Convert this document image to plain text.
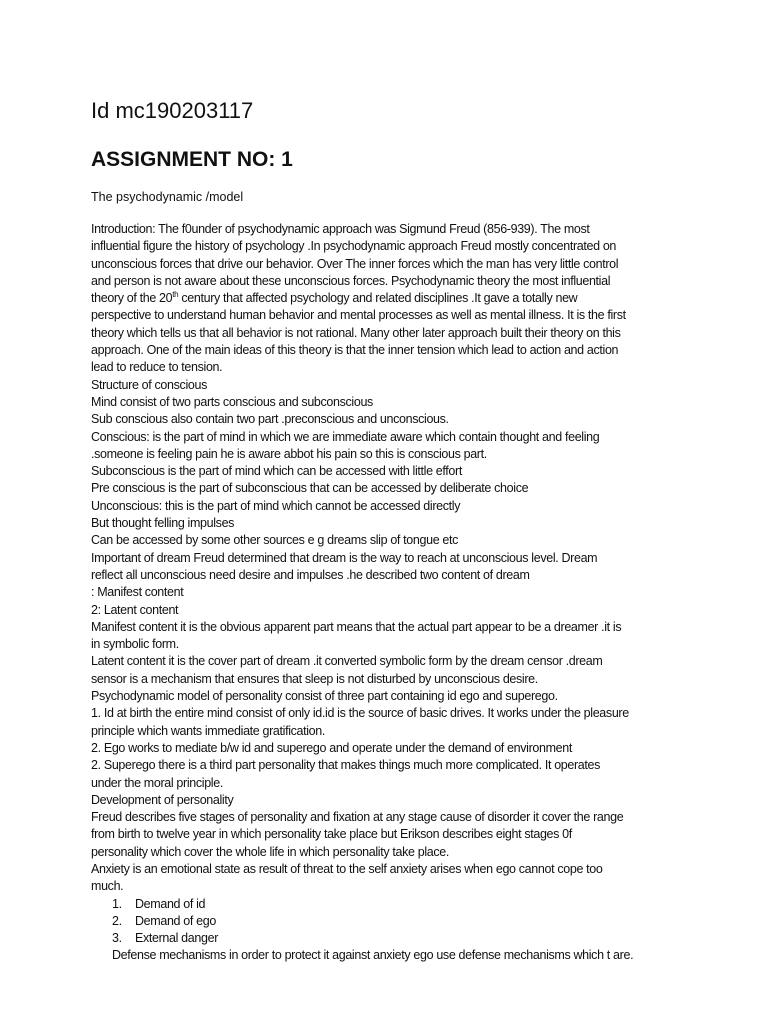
Id mc190203117
ASSIGNMENT NO: 1
The psychodynamic /model
Introduction: The f0under of psychodynamic approach was Sigmund Freud (856-939). The most
influential figure the history of psychology .In psychodynamic approach Freud mostly concentrated on
unconscious forces that drive our behavior. Over The inner forces which the man has very little control
and person is not aware about these unconscious forces. Psychodynamic theory the most influential
theory of the 20th century that affected psychology and related disciplines .It gave a totally new
perspective to understand human behavior and mental processes as well as mental illness. It is the first
theory which tells us that all behavior is not rational. Many other later approach built their theory on this
approach. One of the main ideas of this theory is that the inner tension which lead to action and action
lead to reduce to tension.
Structure of conscious
Mind consist of two parts conscious and subconscious
Sub conscious also contain two part .preconscious and unconscious.
Conscious: is the part of mind in which we are immediate aware which contain thought and feeling
.someone is feeling pain he is aware abbot his pain so this is conscious part.
Subconscious is the part of mind which can be accessed with little effort
Pre conscious is the part of subconscious that can be accessed by deliberate choice
Unconscious: this is the part of mind which cannot be accessed directly
But thought felling impulses
Can be accessed by some other sources e g dreams slip of tongue etc
Important of dream Freud determined that dream is the way to reach at unconscious level. Dream
reflect all unconscious need desire and impulses .he described two content of dream
: Manifest content
2: Latent content
Manifest content it is the obvious apparent part means that the actual part appear to be a dreamer .it is
in symbolic form.
Latent content it is the cover part of dream .it converted symbolic form by the dream censor .dream
sensor is a mechanism that ensures that sleep is not disturbed by unconscious desire.
Psychodynamic model of personality consist of three part containing id ego and superego.
1. Id at birth the entire mind consist of only id.id is the source of basic drives. It works under the pleasure
principle which wants immediate gratification.
2. Ego works to mediate b/w id and superego and operate under the demand of environment
2. Superego there is a third part personality that makes things much more complicated. It operates
under the moral principle.
Development of personality
Freud describes five stages of personality and fixation at any stage cause of disorder it cover the range
from birth to twelve year in which personality take place but Erikson describes eight stages 0f
personality which cover the whole life in which personality take place.
Anxiety is an emotional state as result of threat to the self anxiety arises when ego cannot cope too
much.
1. Demand of id
2. Demand of ego
3. External danger
Defense mechanisms in order to protect it against anxiety ego use defense mechanisms which t are.
